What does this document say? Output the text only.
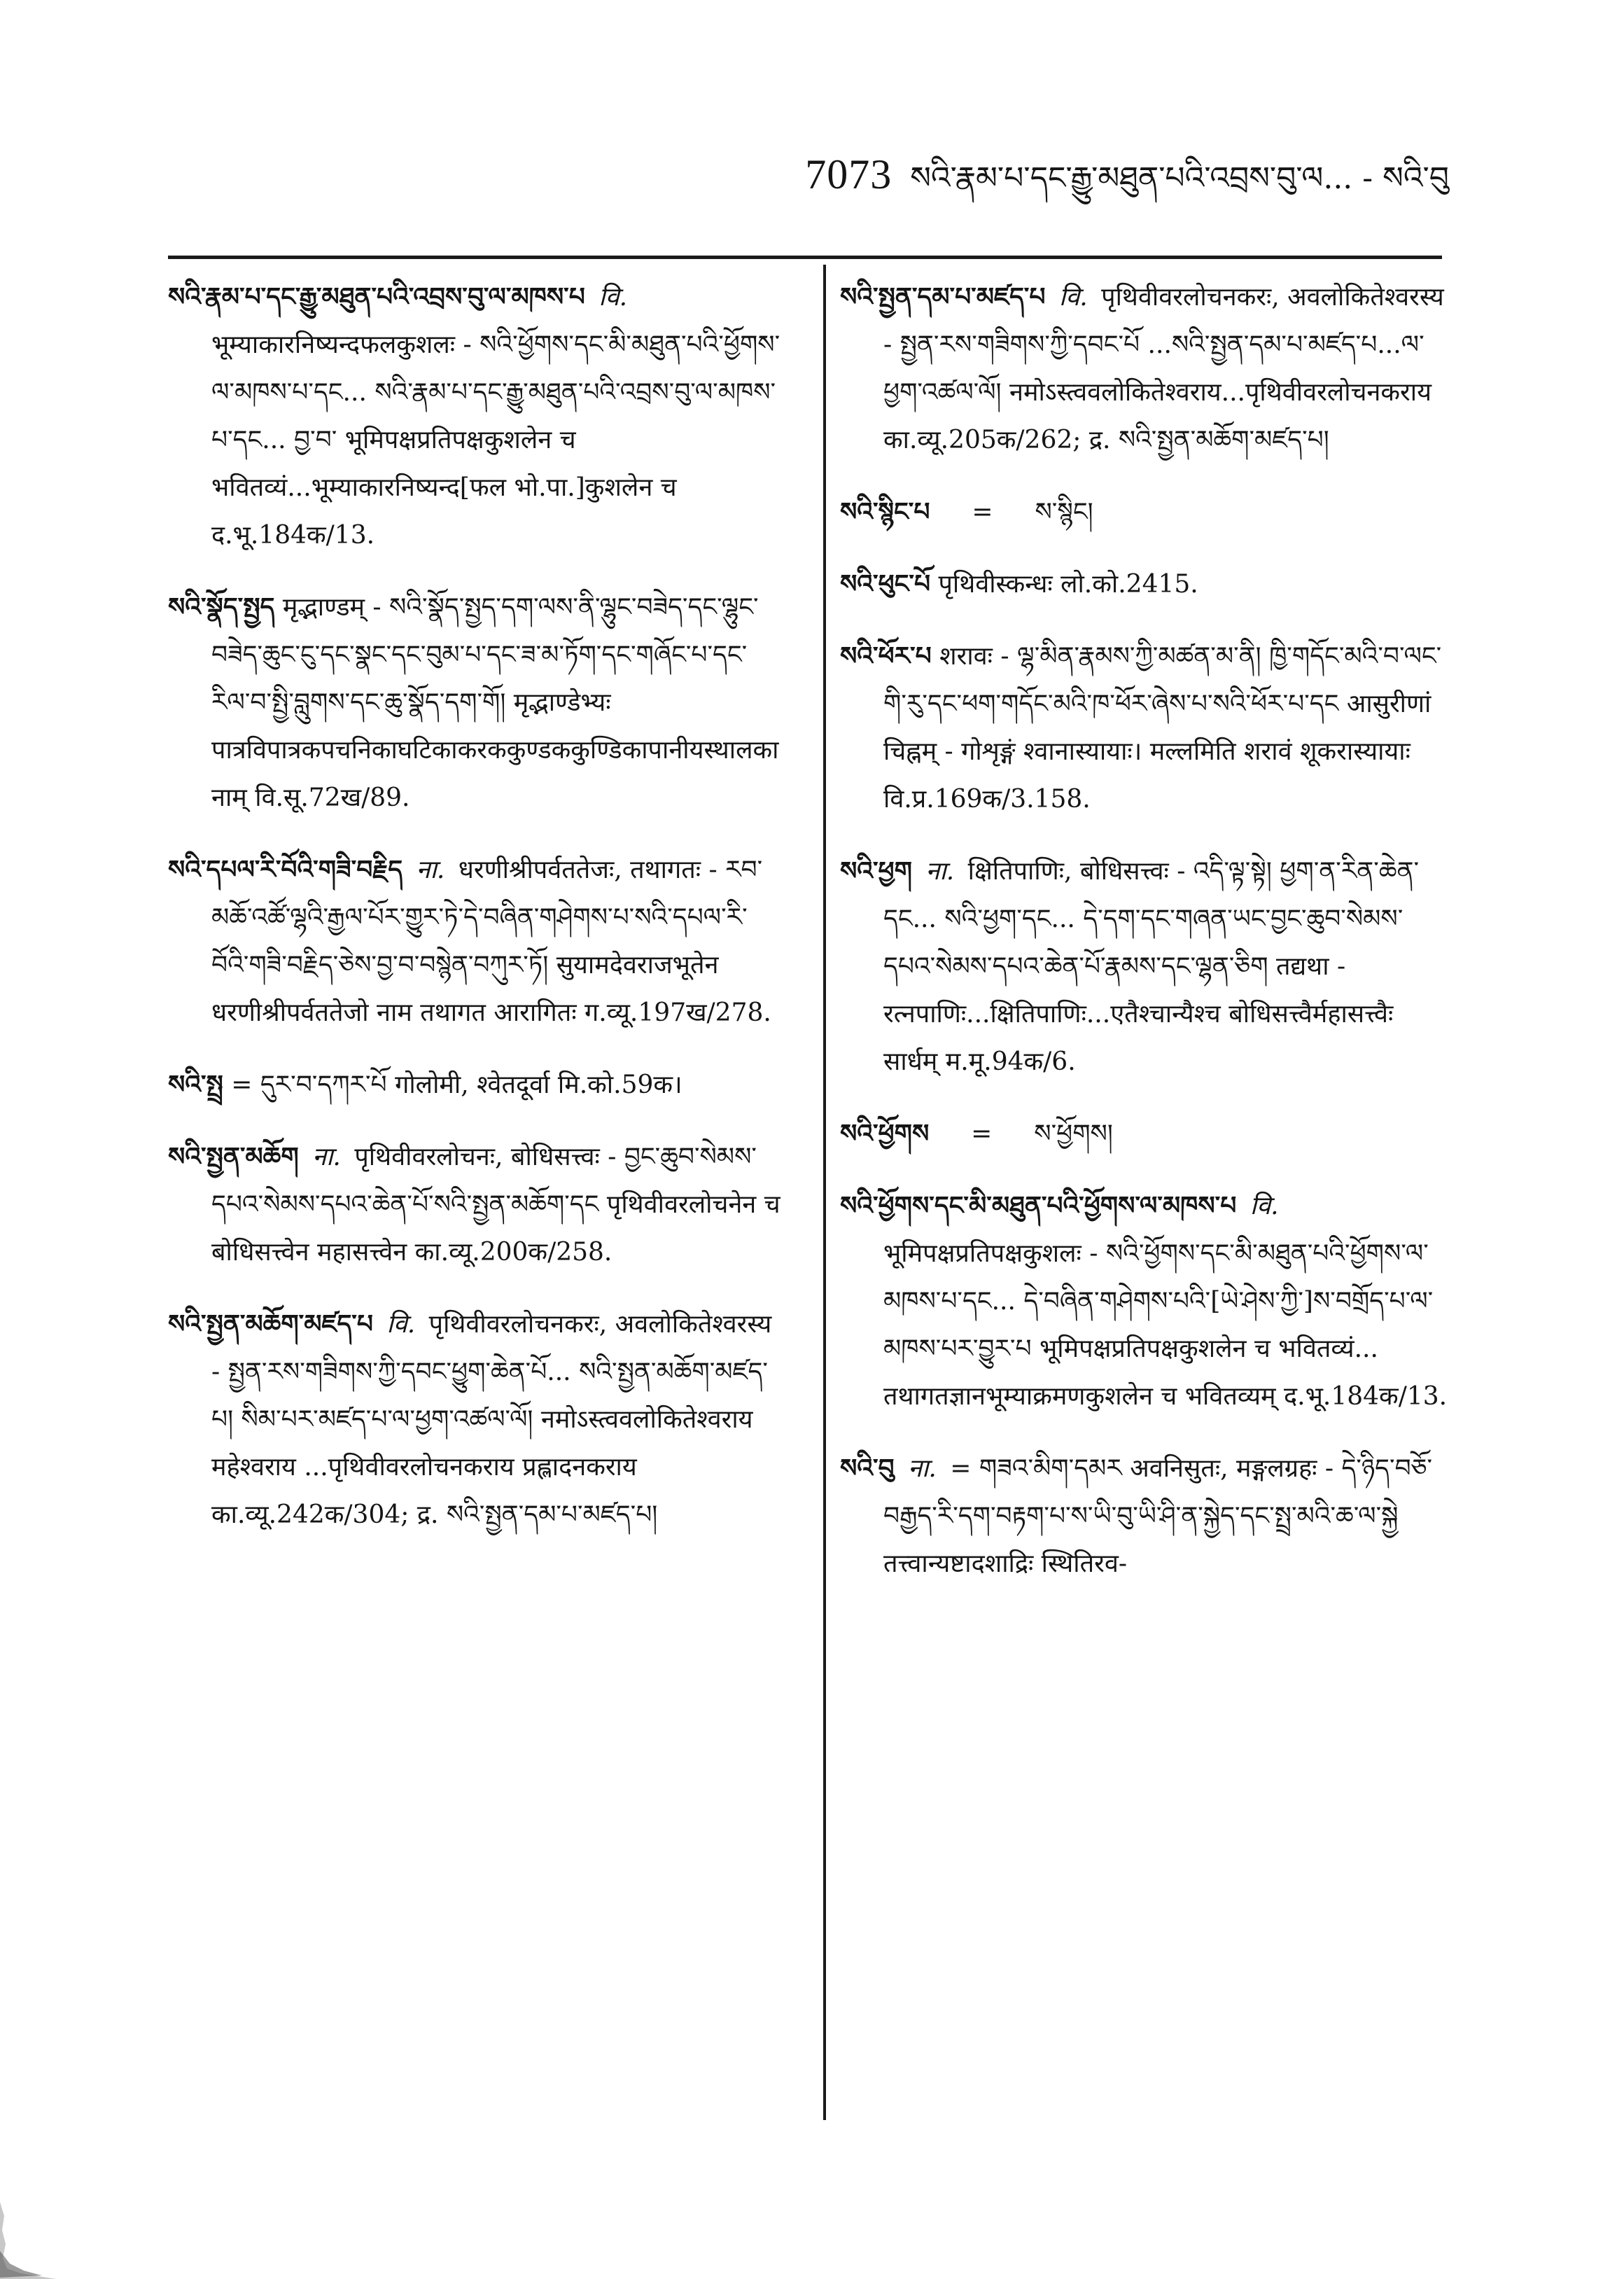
7073 སའི་རྣམ་པ་དང་རྒྱུ་མཐུན་པའི་འབྲས་བུ་ལ... - སའི་བུ
སའི་རྣམ་པ་དང་རྒྱུ་མཐུན་པའི་འབྲས་བུ་ལ་མཁས་པ वि. भूम्याकारनिष्यन्दफलकुशलः - སའི་ཕྱོགས་དང་མི་མཐུན་པའི་ཕྱོགས་ལ་མཁས་པ་དང... སའི་རྣམ་པ་དང་རྒྱུ་མཐུན་པའི་འབྲས་བུ་ལ་མཁས་པ་དང... བྱ་བ་ भूमिपक्षप्रतिपक्षकुशलेन च भवितव्यं...भूम्याकारनिष्यन्द[फल भो.पा.]कुशलेन च द.भू.184क/13.
སའི་སྣོད་སྤྱད मृद्भाण्डम् - སའི་སྣོད་སྤྱད་དག་ལས་ནི་ལྷུང་བཟེད་དང་ལྷུང་བཟེད་ཆུང་ངུ་དང་སྣང་དང་བུམ་པ་དང་ཟ་མ་ཏོག་དང་གཞོང་པ་དང་རིལ་བ་སྤྱི་བླུགས་དང་ཆུ་སྣོད་དག་གོ། मृद्भाण्डेभ्यः पात्रविपात्रकपचनिकाघटिकाकरककुण्डककुण्डिकापानीयस्थालकानाम् वि.सू.72ख/89.
སའི་དཔལ་རི་བོའི་གཟི་བརྗིད ना. धरणीश्रीपर्वततेजः, तथागतः - རབ་མཆོ་འཚོ་ལྷའི་རྒྱལ་པོར་གྱུར་ཏེ་དེ་བཞིན་གཤེགས་པ་སའི་དཔལ་རི་བོའི་གཟི་བརྗིད་ཅེས་བྱ་བ་བསྙེན་བཀུར་ཏོ། सुयामदेवराजभूतेन धरणीश्रीपर्वततेजो नाम तथागत आरागितः ग.व्यू.197ख/278.
སའི་སྤྲ = དུར་བ་དཀར་པོ गोलोमी, श्वेतदूर्वा मि.को.59क।
སའི་སྤྱན་མཆོག ना. पृथिवीवरलोचनः, बोधिसत्त्वः - བྱང་ཆུབ་སེམས་དཔའ་སེམས་དཔའ་ཆེན་པོ་སའི་སྤྱན་མཆོག་དང पृथिवीवरलोचनेन च बोधिसत्त्वेन महासत्त्वेन का.व्यू.200क/258.
སའི་སྤྱན་མཆོག་མཛད་པ वि. पृथिवीवरलोचनकरः, अवलोकितेश्वरस्य - སྤྱན་རས་གཟིགས་ཀྱི་དབང་ཕྱུག་ཆེན་པོ... སའི་སྤྱན་མཆོག་མཛད་པ། སིམ་པར་མཛད་པ་ལ་ཕྱག་འཚལ་ལོ། नमोऽस्त्ववलोकितेश्वराय महेश्वराय ...पृथिवीवरलोचनकराय प्रह्लादनकराय का.व्यू.242क/304; द्र. སའི་སྤྱན་དམ་པ་མཛད་པ།
སའི་སྤྱན་དམ་པ་མཛད་པ वि. पृथिवीवरलोचनकरः, अवलोकितेश्वरस्य - སྤྱན་རས་གཟིགས་ཀྱི་དབང་པོ ...སའི་སྤྱན་དམ་པ་མཛད་པ...ལ་ཕྱག་འཚལ་ལོ། नमोऽस्त्ववलोकितेश्वराय...पृथिवीवरलोचनकराय का.व्यू.205क/262; द्र. སའི་སྤྱན་མཆོག་མཛད་པ།
སའི་སྙིང་པ	=	ས་སྙིང།
སའི་ཕུང་པོ पृथिवीस्कन्धः लो.को.2415.
སའི་ཕོར་པ शरावः - ལྷ་མིན་རྣམས་ཀྱི་མཚན་མ་ནི། ཁྱི་གདོང་མའི་བ་ལང་གི་རུ་དང་ཕག་གདོང་མའི་ཁ་ཕོར་ཞེས་པ་སའི་ཕོར་པ་དང आसुरीणां चिह्नम् - गोशृङ्गं श्वानास्यायाः। मल्लमिति शरावं शूकरास्यायाः वि.प्र.169क/3.158.
སའི་ཕྱག ना. क्षितिपाणिः, बोधिसत्त्वः - འདི་ལྟ་སྟེ། ཕྱག་ན་རིན་ཆེན་དང... སའི་ཕྱག་དང... དེ་དག་དང་གཞན་ཡང་བྱང་ཆུབ་སེམས་དཔའ་སེམས་དཔའ་ཆེན་པོ་རྣམས་དང་ལྷན་ཅིག तद्यथा - रत्नपाणिः...क्षितिपाणिः...एतैश्चान्यैश्च बोधिसत्त्वैर्महासत्त्वैः सार्धम् म.मू.94क/6.
སའི་ཕྱོགས	=	ས་ཕྱོགས།
སའི་ཕྱོགས་དང་མི་མཐུན་པའི་ཕྱོགས་ལ་མཁས་པ वि. भूमिपक्षप्रतिपक्षकुशलः - སའི་ཕྱོགས་དང་མི་མཐུན་པའི་ཕྱོགས་ལ་མཁས་པ་དང... དེ་བཞིན་གཤེགས་པའི་[ཡེ་ཤེས་ཀྱི་]ས་བགྲོད་པ་ལ་མཁས་པར་བྱུར་པ भूमिपक्षप्रतिपक्षकुशलेन च भवितव्यं... तथागतज्ञानभूम्याक्रमणकुशलेन च भवितव्यम् द.भू.184क/13.
སའི་བུ ना. = གཟའ་མིག་དམར अवनिसुतः, मङ्गलग्रहः - དེ་ཉིད་བཅོ་བརྒྱད་རི་དག་བརྟག་པ་ས་ཡི་བུ་ཡི་ཤི་ན་སྐྱེད་དང་སྤྲ་མའི་ཆ་ལ་སྐྱེ तत्त्वान्यष्टादशाद्रिः स्थितिरव-
